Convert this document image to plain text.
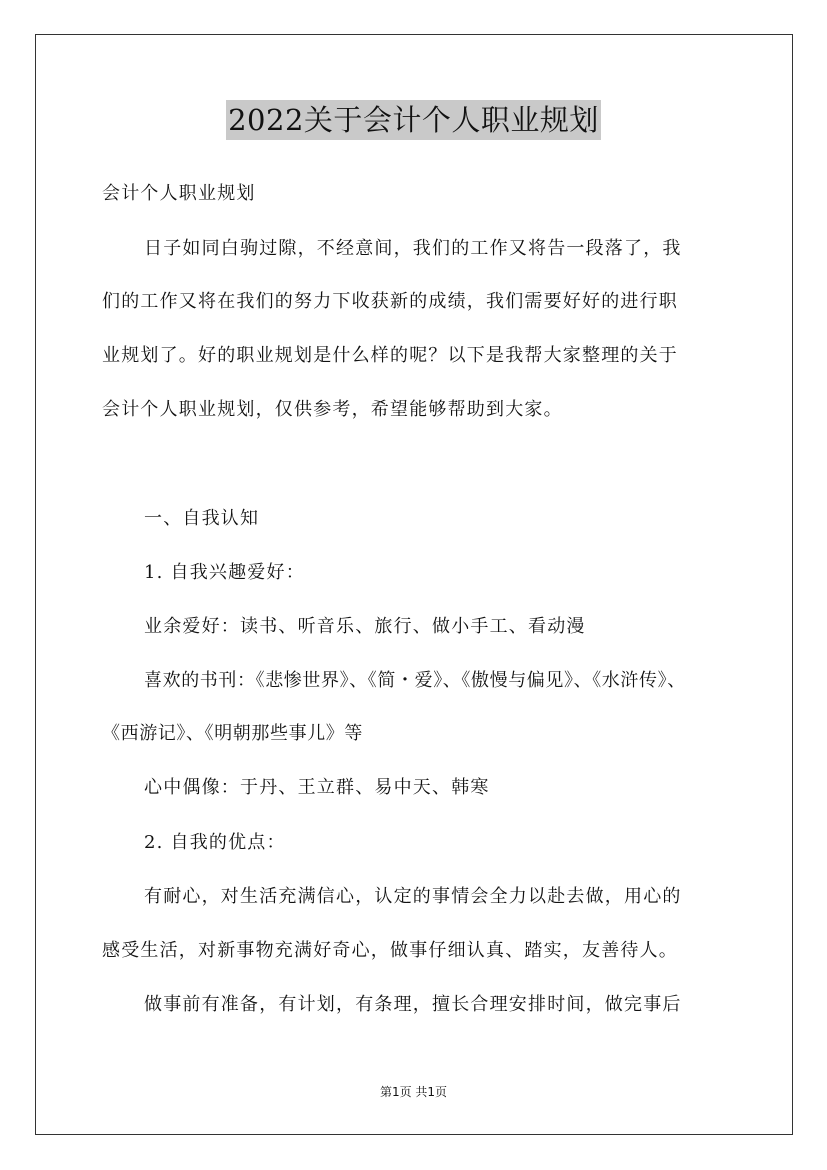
2022关于会计个人职业规划
会计个人职业规划
日子如同白驹过隙，不经意间，我们的工作又将告一段落了，我
们的工作又将在我们的努力下收获新的成绩，我们需要好好的进行职
业规划了。好的职业规划是什么样的呢？以下是我帮大家整理的关于
会计个人职业规划，仅供参考，希望能够帮助到大家。
一、自我认知
1. 自我兴趣爱好：
业余爱好：读书、听音乐、旅行、做小手工、看动漫
喜欢的书刊：《悲惨世界》、《简・爱》、《傲慢与偏见》、《水浒传》、
《西游记》、《明朝那些事儿》等
心中偶像：于丹、王立群、易中天、韩寒
2. 自我的优点：
有耐心，对生活充满信心，认定的事情会全力以赴去做，用心的
感受生活，对新事物充满好奇心，做事仔细认真、踏实，友善待人。
做事前有准备，有计划，有条理，擅长合理安排时间，做完事后
第1页 共1页
